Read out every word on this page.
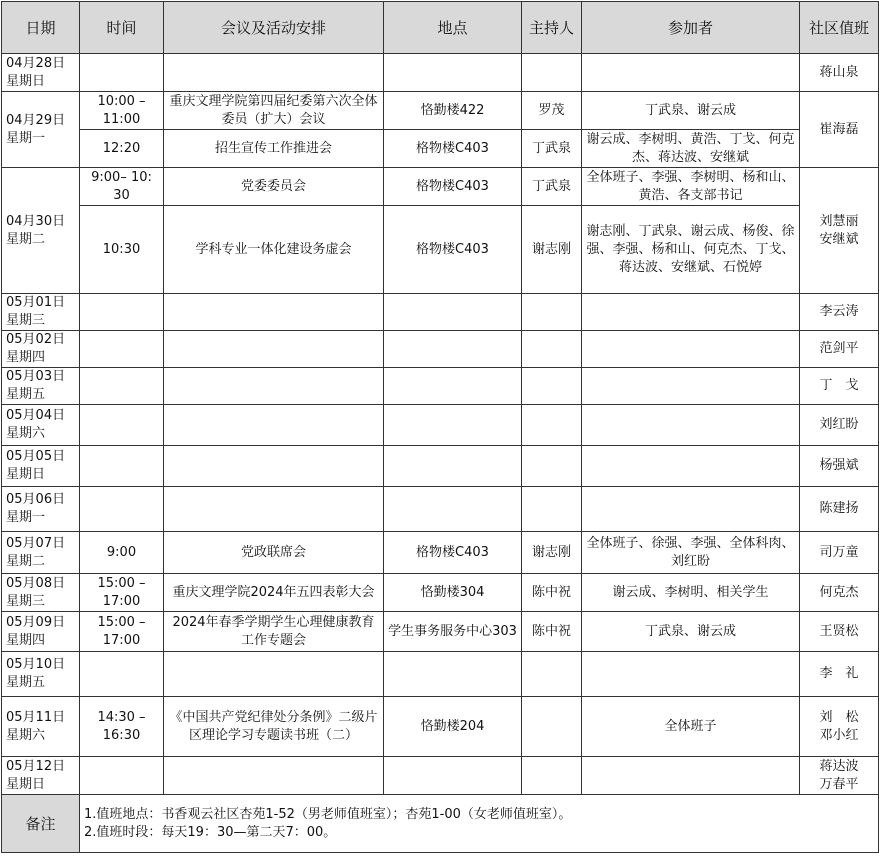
日期	时间	会议及活动安排	地点	主持人	参加者	社区值班

04月28日
星期日						蒋山泉

04月29日
星期一	10:00 – 11:00	重庆文理学院第四届纪委第六次全体委员（扩大）会议	恪勤楼422	罗茂	丁武泉、谢云成	崔海磊

	12:20	招生宣传工作推进会	格物楼C403	丁武泉	谢云成、李树明、黄浩、丁戈、何克杰、蒋达波、安继斌	

04月30日
星期二	9:00– 10: 30	党委委员会	格物楼C403	丁武泉	全体班子、李强、李树明、杨和山、黄浩、各支部书记	刘慧丽
安继斌

	10:30	学科专业一体化建设务虚会	格物楼C403	谢志刚	谢志刚、丁武泉、谢云成、杨俊、徐强、李强、杨和山、何克杰、丁戈、蒋达波、安继斌、石悦婷	

05月01日
星期三						李云涛

05月02日
星期四						范剑平

05月03日
星期五						丁　戈

05月04日
星期六						刘红盼

05月05日
星期日						杨强斌

05月06日
星期一						陈建扬

05月07日
星期二	9:00	党政联席会	格物楼C403	谢志刚	全体班子、徐强、李强、全体科肉、刘红盼	司万童

05月08日
星期三	15:00 – 17:00	重庆文理学院2024年五四表彰大会	恪勤楼304	陈中祝	谢云成、李树明、相关学生	何克杰

05月09日
星期四	15:00 – 17:00	2024年春季学期学生心理健康教育工作专题会	学生事务服务中心303	陈中祝	丁武泉、谢云成	王贤松

05月10日
星期五						李　礼

05月11日
星期六	14:30 – 16:30	《中国共产党纪律处分条例》二级片区理论学习专题读书班（二）	恪勤楼204		全体班子	刘　松
邓小红

05月12日
星期日						蒋达波
万春平

备注	1.值班地点：书香观云社区杏苑1-52（男老师值班室）；杏苑1-00（女老师值班室）。
2.值班时段：每天19：30—第二天7：00。					
